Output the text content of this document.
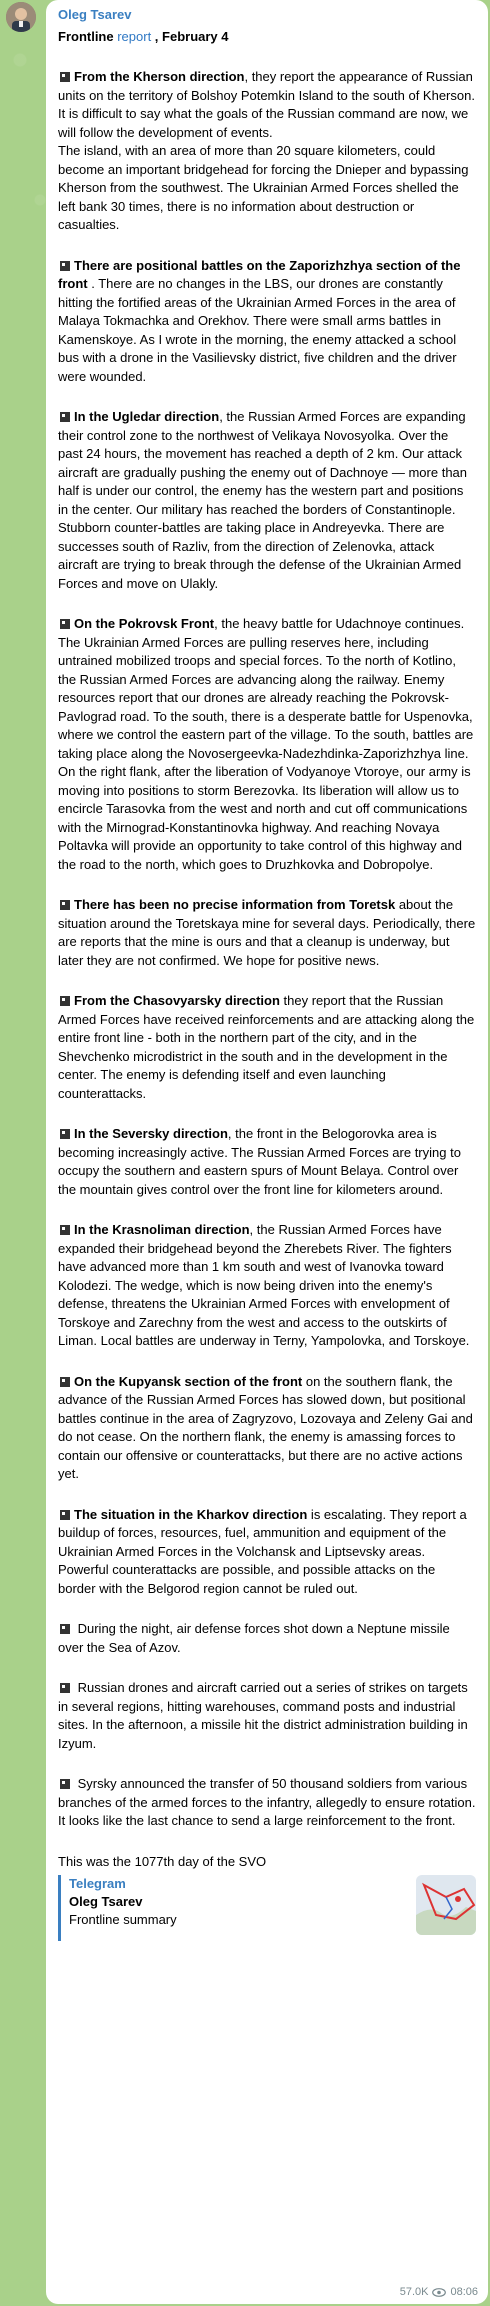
Oleg Tsarev
Frontline report , February 4
From the Kherson direction, they report the appearance of Russian units on the territory of Bolshoy Potemkin Island to the south of Kherson. It is difficult to say what the goals of the Russian command are now, we will follow the development of events.
The island, with an area of more than 20 square kilometers, could become an important bridgehead for forcing the Dnieper and bypassing Kherson from the southwest. The Ukrainian Armed Forces shelled the left bank 30 times, there is no information about destruction or casualties.
There are positional battles on the Zaporizhzhya section of the front . There are no changes in the LBS, our drones are constantly hitting the fortified areas of the Ukrainian Armed Forces in the area of Malaya Tokmachka and Orekhov. There were small arms battles in Kamenskoye. As I wrote in the morning, the enemy attacked a school bus with a drone in the Vasilievsky district, five children and the driver were wounded.
In the Ugledar direction, the Russian Armed Forces are expanding their control zone to the northwest of Velikaya Novosyolka. Over the past 24 hours, the movement has reached a depth of 2 km. Our attack aircraft are gradually pushing the enemy out of Dachnoye — more than half is under our control, the enemy has the western part and positions in the center. Our military has reached the borders of Constantinople. Stubborn counter-battles are taking place in Andreyevka. There are successes south of Razliv, from the direction of Zelenovka, attack aircraft are trying to break through the defense of the Ukrainian Armed Forces and move on Ulakly.
On the Pokrovsk Front, the heavy battle for Udachnoye continues. The Ukrainian Armed Forces are pulling reserves here, including untrained mobilized troops and special forces. To the north of Kotlino, the Russian Armed Forces are advancing along the railway. Enemy resources report that our drones are already reaching the Pokrovsk-Pavlograd road. To the south, there is a desperate battle for Uspenovka, where we control the eastern part of the village. To the south, battles are taking place along the Novosergeevka-Nadezhdinka-Zaporizhzhya line. On the right flank, after the liberation of Vodyanoye Vtoroye, our army is moving into positions to storm Berezovka. Its liberation will allow us to encircle Tarasovka from the west and north and cut off communications with the Mirnograd-Konstantinovka highway. And reaching Novaya Poltavka will provide an opportunity to take control of this highway and the road to the north, which goes to Druzhkovka and Dobropolye.
There has been no precise information from Toretsk about the situation around the Toretskaya mine for several days. Periodically, there are reports that the mine is ours and that a cleanup is underway, but later they are not confirmed. We hope for positive news.
From the Chasovyarsky direction they report that the Russian Armed Forces have received reinforcements and are attacking along the entire front line - both in the northern part of the city, and in the Shevchenko microdistrict in the south and in the development in the center. The enemy is defending itself and even launching counterattacks.
In the Seversky direction, the front in the Belogorovka area is becoming increasingly active. The Russian Armed Forces are trying to occupy the southern and eastern spurs of Mount Belaya. Control over the mountain gives control over the front line for kilometers around.
In the Krasnoliman direction, the Russian Armed Forces have expanded their bridgehead beyond the Zherebets River. The fighters have advanced more than 1 km south and west of Ivanovka toward Kolodezi. The wedge, which is now being driven into the enemy's defense, threatens the Ukrainian Armed Forces with envelopment of Torskoye and Zarechny from the west and access to the outskirts of Liman. Local battles are underway in Terny, Yampolovka, and Torskoye.
On the Kupyansk section of the front on the southern flank, the advance of the Russian Armed Forces has slowed down, but positional battles continue in the area of Zagryzovo, Lozovaya and Zeleny Gai and do not cease. On the northern flank, the enemy is amassing forces to contain our offensive or counterattacks, but there are no active actions yet.
The situation in the Kharkov direction is escalating. They report a buildup of forces, resources, fuel, ammunition and equipment of the Ukrainian Armed Forces in the Volchansk and Liptsevsky areas. Powerful counterattacks are possible, and possible attacks on the border with the Belgorod region cannot be ruled out.
During the night, air defense forces shot down a Neptune missile over the Sea of Azov.
Russian drones and aircraft carried out a series of strikes on targets in several regions, hitting warehouses, command posts and industrial sites. In the afternoon, a missile hit the district administration building in Izyum.
Syrsky announced the transfer of 50 thousand soldiers from various branches of the armed forces to the infantry, allegedly to ensure rotation. It looks like the last chance to send a large reinforcement to the front.
This was the 1077th day of the SVO
Telegram
Oleg Tsarev
Frontline summary
57.0K 08:06
